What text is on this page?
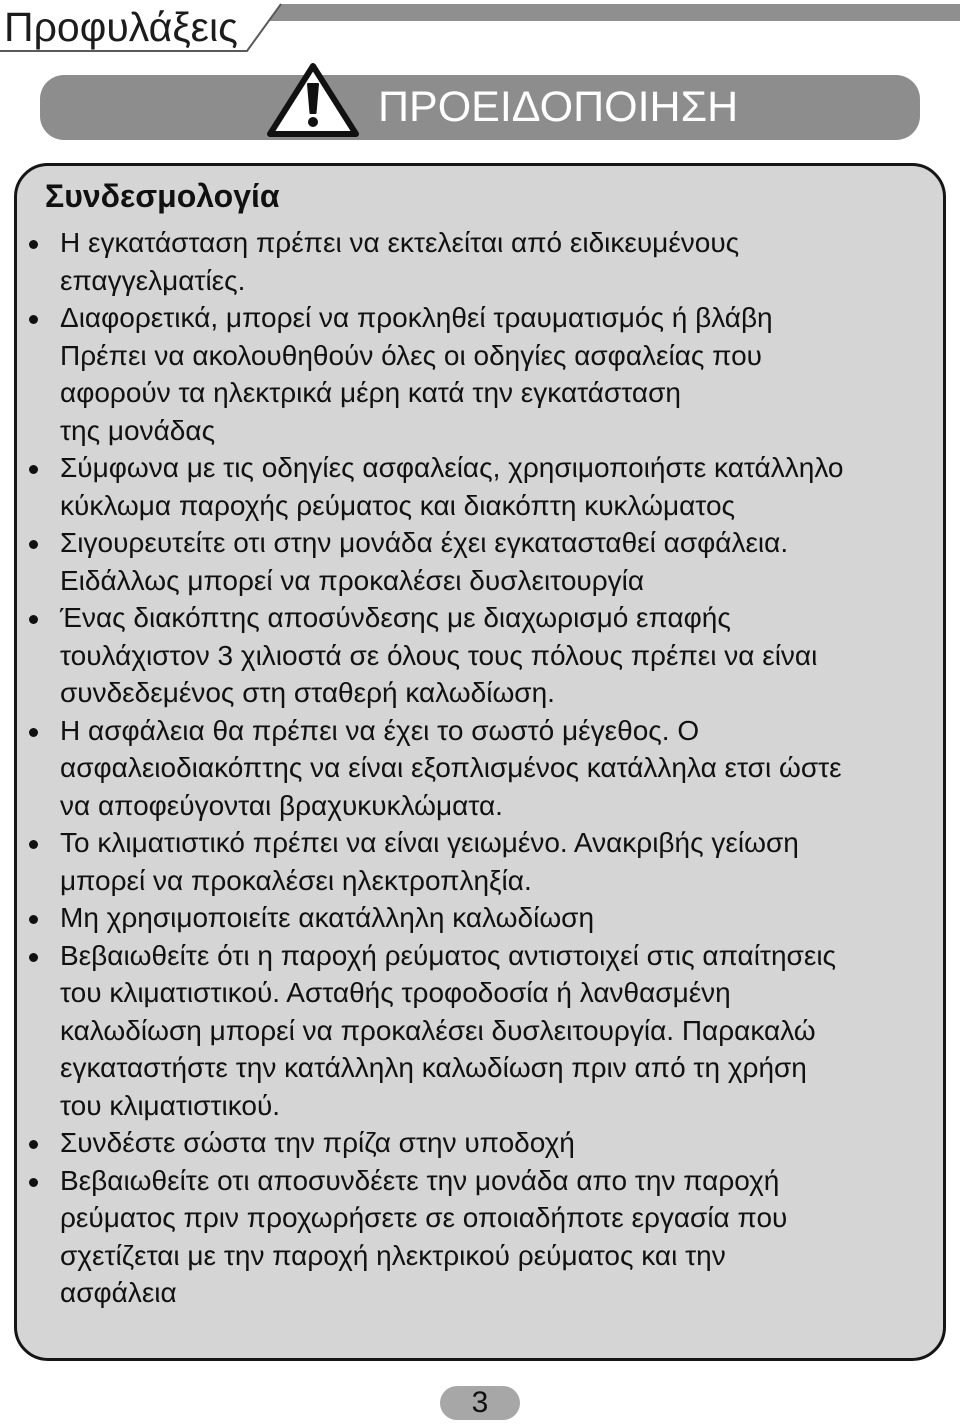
Προφυλάξεις
ΠΡΟΕΙΔΟΠΟΙΗΣΗ
Συνδεσμολογία
Η εγκατάσταση πρέπει να εκτελείται από ειδικευμένους
επαγγελματίες.
Διαφορετικά, μπορεί να προκληθεί τραυματισμός ή βλάβη
Πρέπει να ακολουθηθούν όλες οι οδηγίες ασφαλείας που
αφορούν τα ηλεκτρικά μέρη κατά την εγκατάσταση
της μονάδας
Σύμφωνα με τις οδηγίες ασφαλείας, χρησιμοποιήστε κατάλληλο
κύκλωμα παροχής ρεύματος και διακόπτη κυκλώματος
Σιγουρευτείτε οτι στην μονάδα έχει εγκατασταθεί ασφάλεια.
Ειδάλλως μπορεί να προκαλέσει δυσλειτουργία
Ένας διακόπτης αποσύνδεσης με διαχωρισμό επαφής
τουλάχιστον 3 χιλιοστά σε όλους τους πόλους πρέπει να είναι
συνδεδεμένος στη σταθερή καλωδίωση.
Η ασφάλεια θα πρέπει να έχει το σωστό μέγεθος. Ο
ασφαλειοδιακόπτης να είναι εξοπλισμένος κατάλληλα ετσι ώστε
να αποφεύγονται βραχυκυκλώματα.
Το κλιματιστικό πρέπει να είναι γειωμένο. Ανακριβής γείωση
μπορεί να προκαλέσει ηλεκτροπληξία.
Μη χρησιμοποιείτε ακατάλληλη καλωδίωση
Βεβαιωθείτε ότι η παροχή ρεύματος αντιστοιχεί στις απαίτησεις
του κλιματιστικού. Ασταθής τροφοδοσία ή λανθασμένη
καλωδίωση μπορεί να προκαλέσει δυσλειτουργία. Παρακαλώ
εγκαταστήστε την κατάλληλη καλωδίωση πριν από τη χρήση
του κλιματιστικού.
Συνδέστε σώστα την πρίζα στην υποδοχή
Βεβαιωθείτε οτι αποσυνδέετε την μονάδα απο την παροχή
ρεύματος πριν προχωρήσετε σε οποιαδήποτε εργασία που
σχετίζεται με την παροχή ηλεκτρικού ρεύματος και την
ασφάλεια
3
